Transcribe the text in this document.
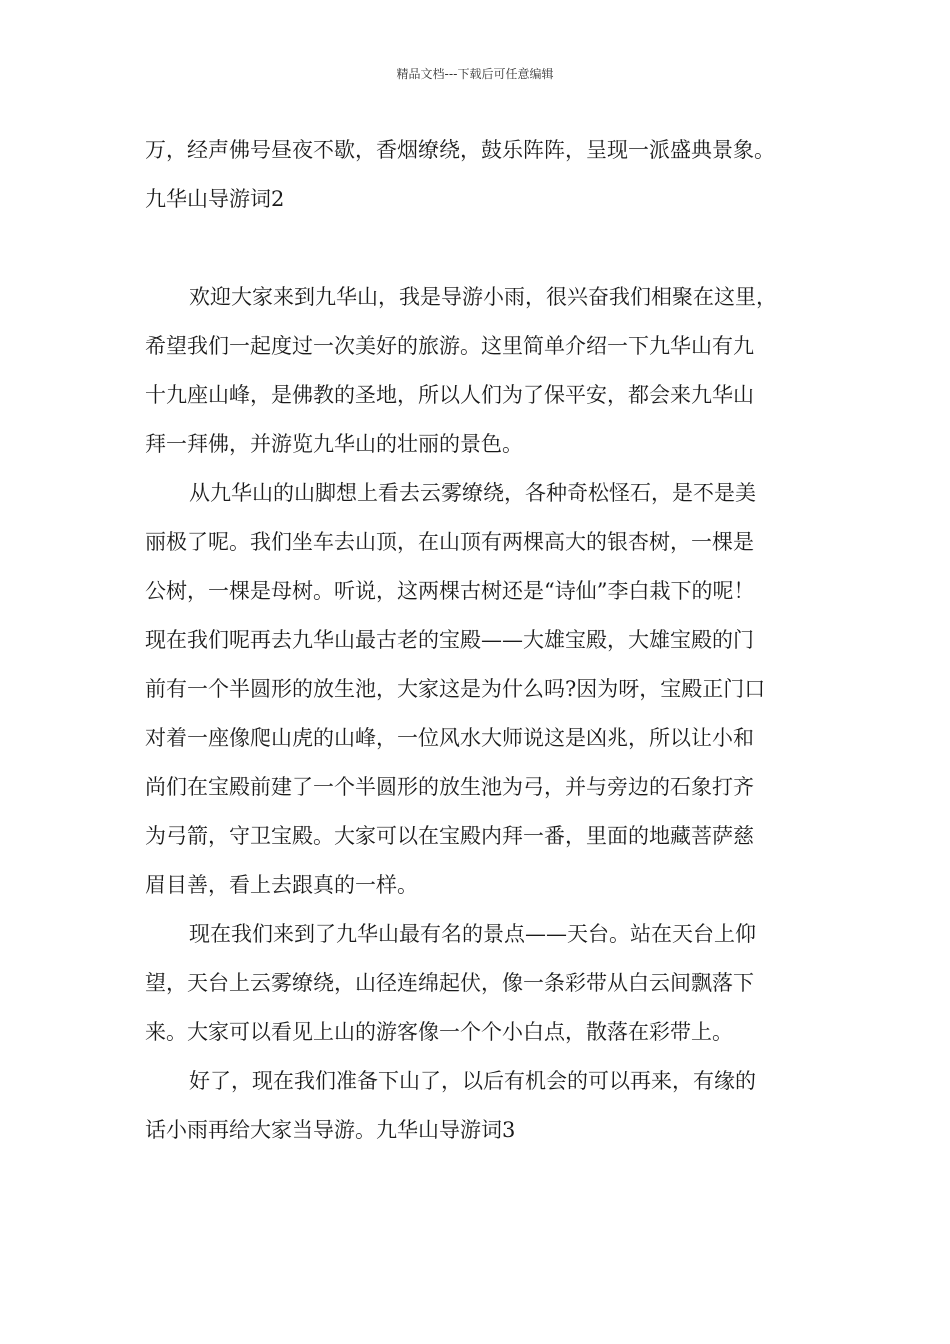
精品文档---下载后可任意编辑
万，经声佛号昼夜不歇，香烟缭绕，鼓乐阵阵，呈现一派盛典景象。
九华山导游词2
欢迎大家来到九华山，我是导游小雨，很兴奋我们相聚在这里，
希望我们一起度过一次美好的旅游。这里简单介绍一下九华山有九
十九座山峰，是佛教的圣地，所以人们为了保平安，都会来九华山
拜一拜佛，并游览九华山的壮丽的景色。
从九华山的山脚想上看去云雾缭绕，各种奇松怪石，是不是美
丽极了呢。我们坐车去山顶，在山顶有两棵高大的银杏树，一棵是
公树，一棵是母树。听说，这两棵古树还是“诗仙”李白栽下的呢！
现在我们呢再去九华山最古老的宝殿——大雄宝殿，大雄宝殿的门
前有一个半圆形的放生池，大家这是为什么吗?因为呀，宝殿正门口
对着一座像爬山虎的山峰，一位风水大师说这是凶兆，所以让小和
尚们在宝殿前建了一个半圆形的放生池为弓，并与旁边的石象打齐
为弓箭，守卫宝殿。大家可以在宝殿内拜一番，里面的地藏菩萨慈
眉目善，看上去跟真的一样。
现在我们来到了九华山最有名的景点——天台。站在天台上仰
望，天台上云雾缭绕，山径连绵起伏，像一条彩带从白云间飘落下
来。大家可以看见上山的游客像一个个小白点，散落在彩带上。
好了，现在我们准备下山了，以后有机会的可以再来，有缘的
话小雨再给大家当导游。九华山导游词3
